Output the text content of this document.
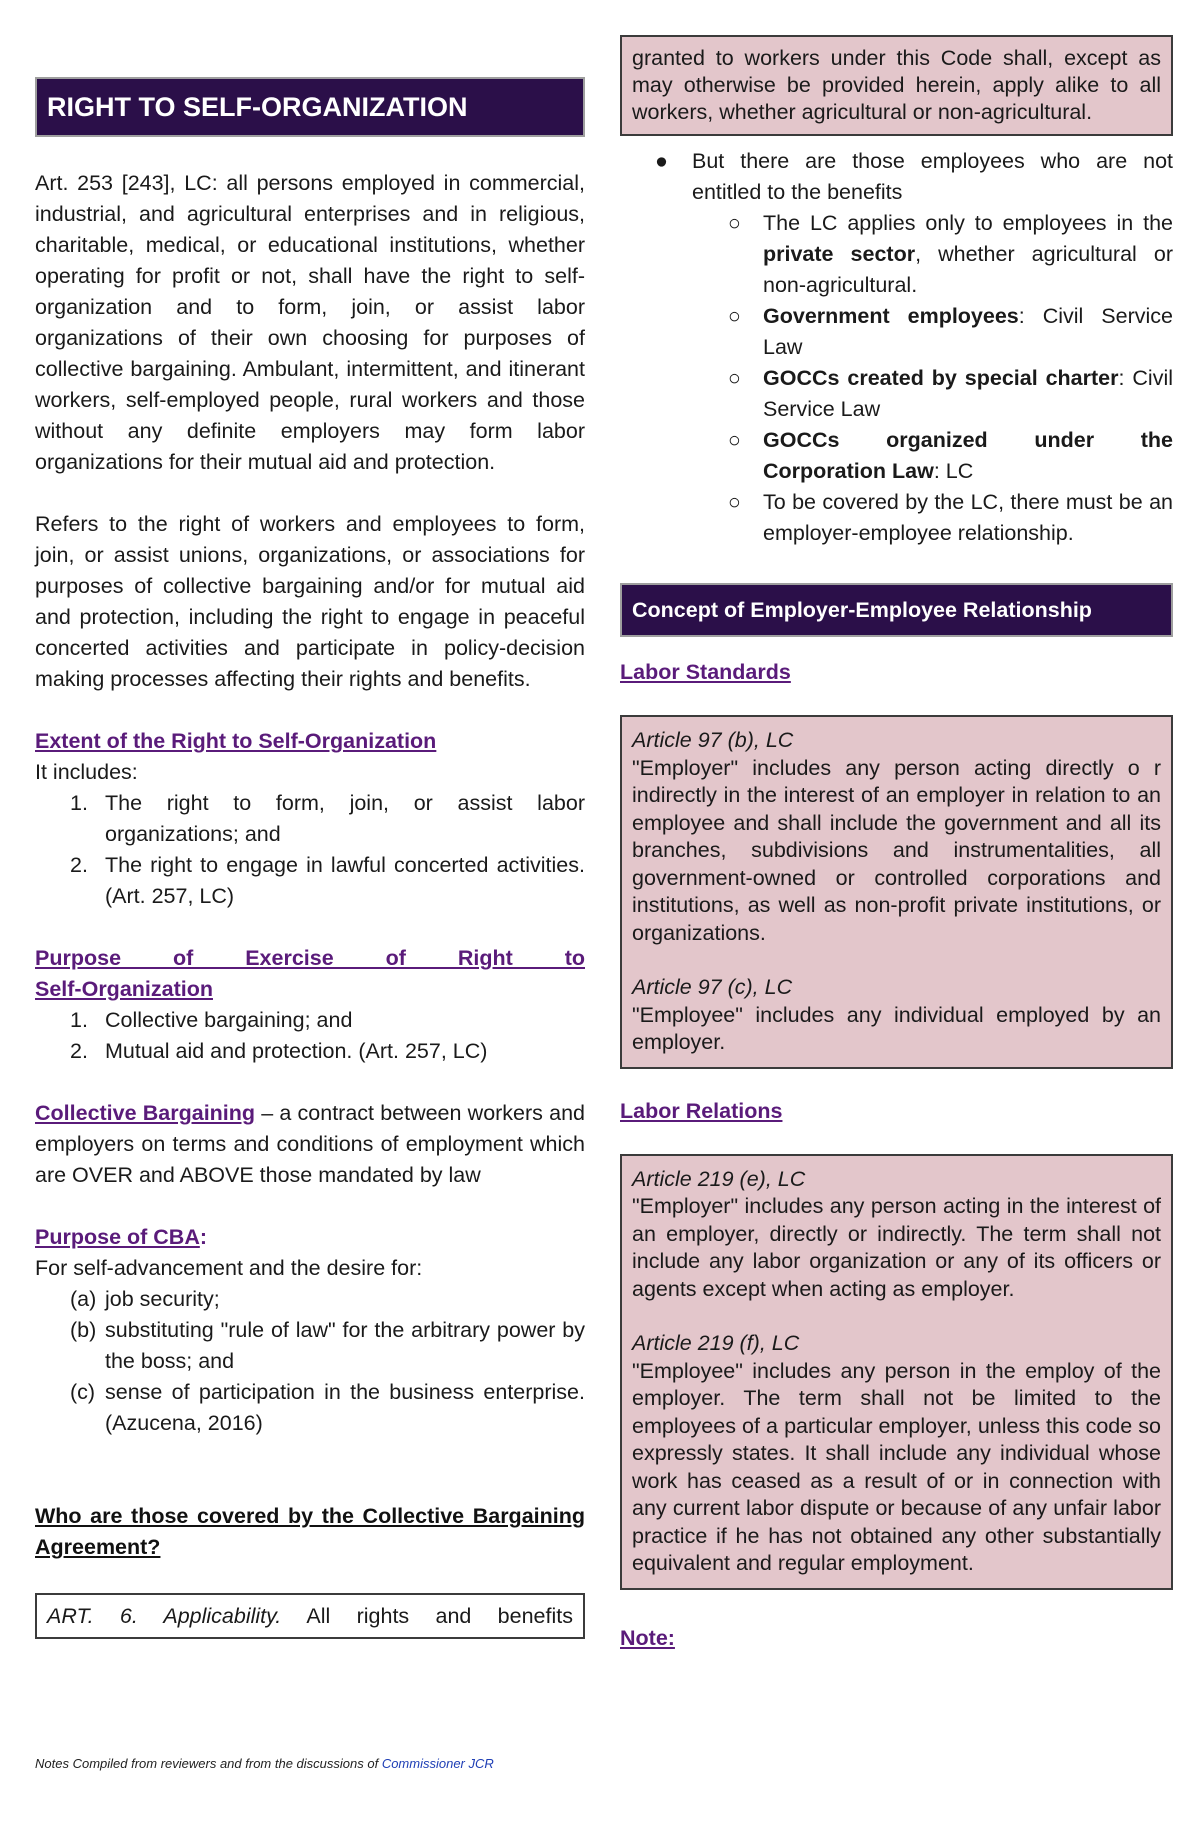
RIGHT TO SELF-ORGANIZATION

Art. 253 [243], LC: all persons employed in commercial, industrial, and agricultural enterprises and in religious, charitable, medical, or educational institutions, whether operating for profit or not, shall have the right to self-organization and to form, join, or assist labor organizations of their own choosing for purposes of collective bargaining. Ambulant, intermittent, and itinerant workers, self-employed people, rural workers and those without any definite employers may form labor organizations for their mutual aid and protection.

Refers to the right of workers and employees to form, join, or assist unions, organizations, or associations for purposes of collective bargaining and/or for mutual aid and protection, including the right to engage in peaceful concerted activities and participate in policy-decision making processes affecting their rights and benefits.

Extent of the Right to Self-Organization

It includes:

1. The right to form, join, or assist labor organizations; and
2. The right to engage in lawful concerted activities. (Art. 257, LC)

Purpose of Exercise of Right to

Self-Organization

1. Collective bargaining; and
2. Mutual aid and protection. (Art. 257, LC)

Collective Bargaining – a contract between workers and employers on terms and conditions of employment which are OVER and ABOVE those mandated by law

Purpose of CBA:

For self-advancement and the desire for:

(a) job security;
(b) substituting "rule of law" for the arbitrary power by the boss; and
(c) sense of participation in the business enterprise. (Azucena, 2016)

Who are those covered by the Collective Bargaining Agreement?

ART. 6. Applicability. All rights and benefits
granted to workers under this Code shall, except as may otherwise be provided herein, apply alike to all workers, whether agricultural or non-agricultural.
● But there are those employees who are not entitled to the benefits
○ The LC applies only to employees in the private sector, whether agricultural or non-agricultural.
○ Government employees: Civil Service Law
○ GOCCs created by special charter: Civil Service Law
○ GOCCs organized under the Corporation Law: LC
○ To be covered by the LC, there must be an employer-employee relationship.
Concept of Employer-Employee Relationship

Labor Standards

Article 97 (b), LC
"Employer" includes any person acting directly o r indirectly in the interest of an employer in relation to an employee and shall include the government and all its branches, subdivisions and instrumentalities, all government-owned or controlled corporations and institutions, as well as non-profit private institutions, or organizations.
Article 97 (c), LC
"Employee" includes any individual employed by an employer.

Labor Relations

Article 219 (e), LC
"Employer" includes any person acting in the interest of an employer, directly or indirectly. The term shall not include any labor organization or any of its officers or agents except when acting as employer.
Article 219 (f), LC
"Employee" includes any person in the employ of the employer. The term shall not be limited to the employees of a particular employer, unless this code so expressly states. It shall include any individual whose work has ceased as a result of or in connection with any current labor dispute or because of any unfair labor practice if he has not obtained any other substantially equivalent and regular employment.

Note:

Notes Compiled from reviewers and from the discussions of Commissioner JCR
